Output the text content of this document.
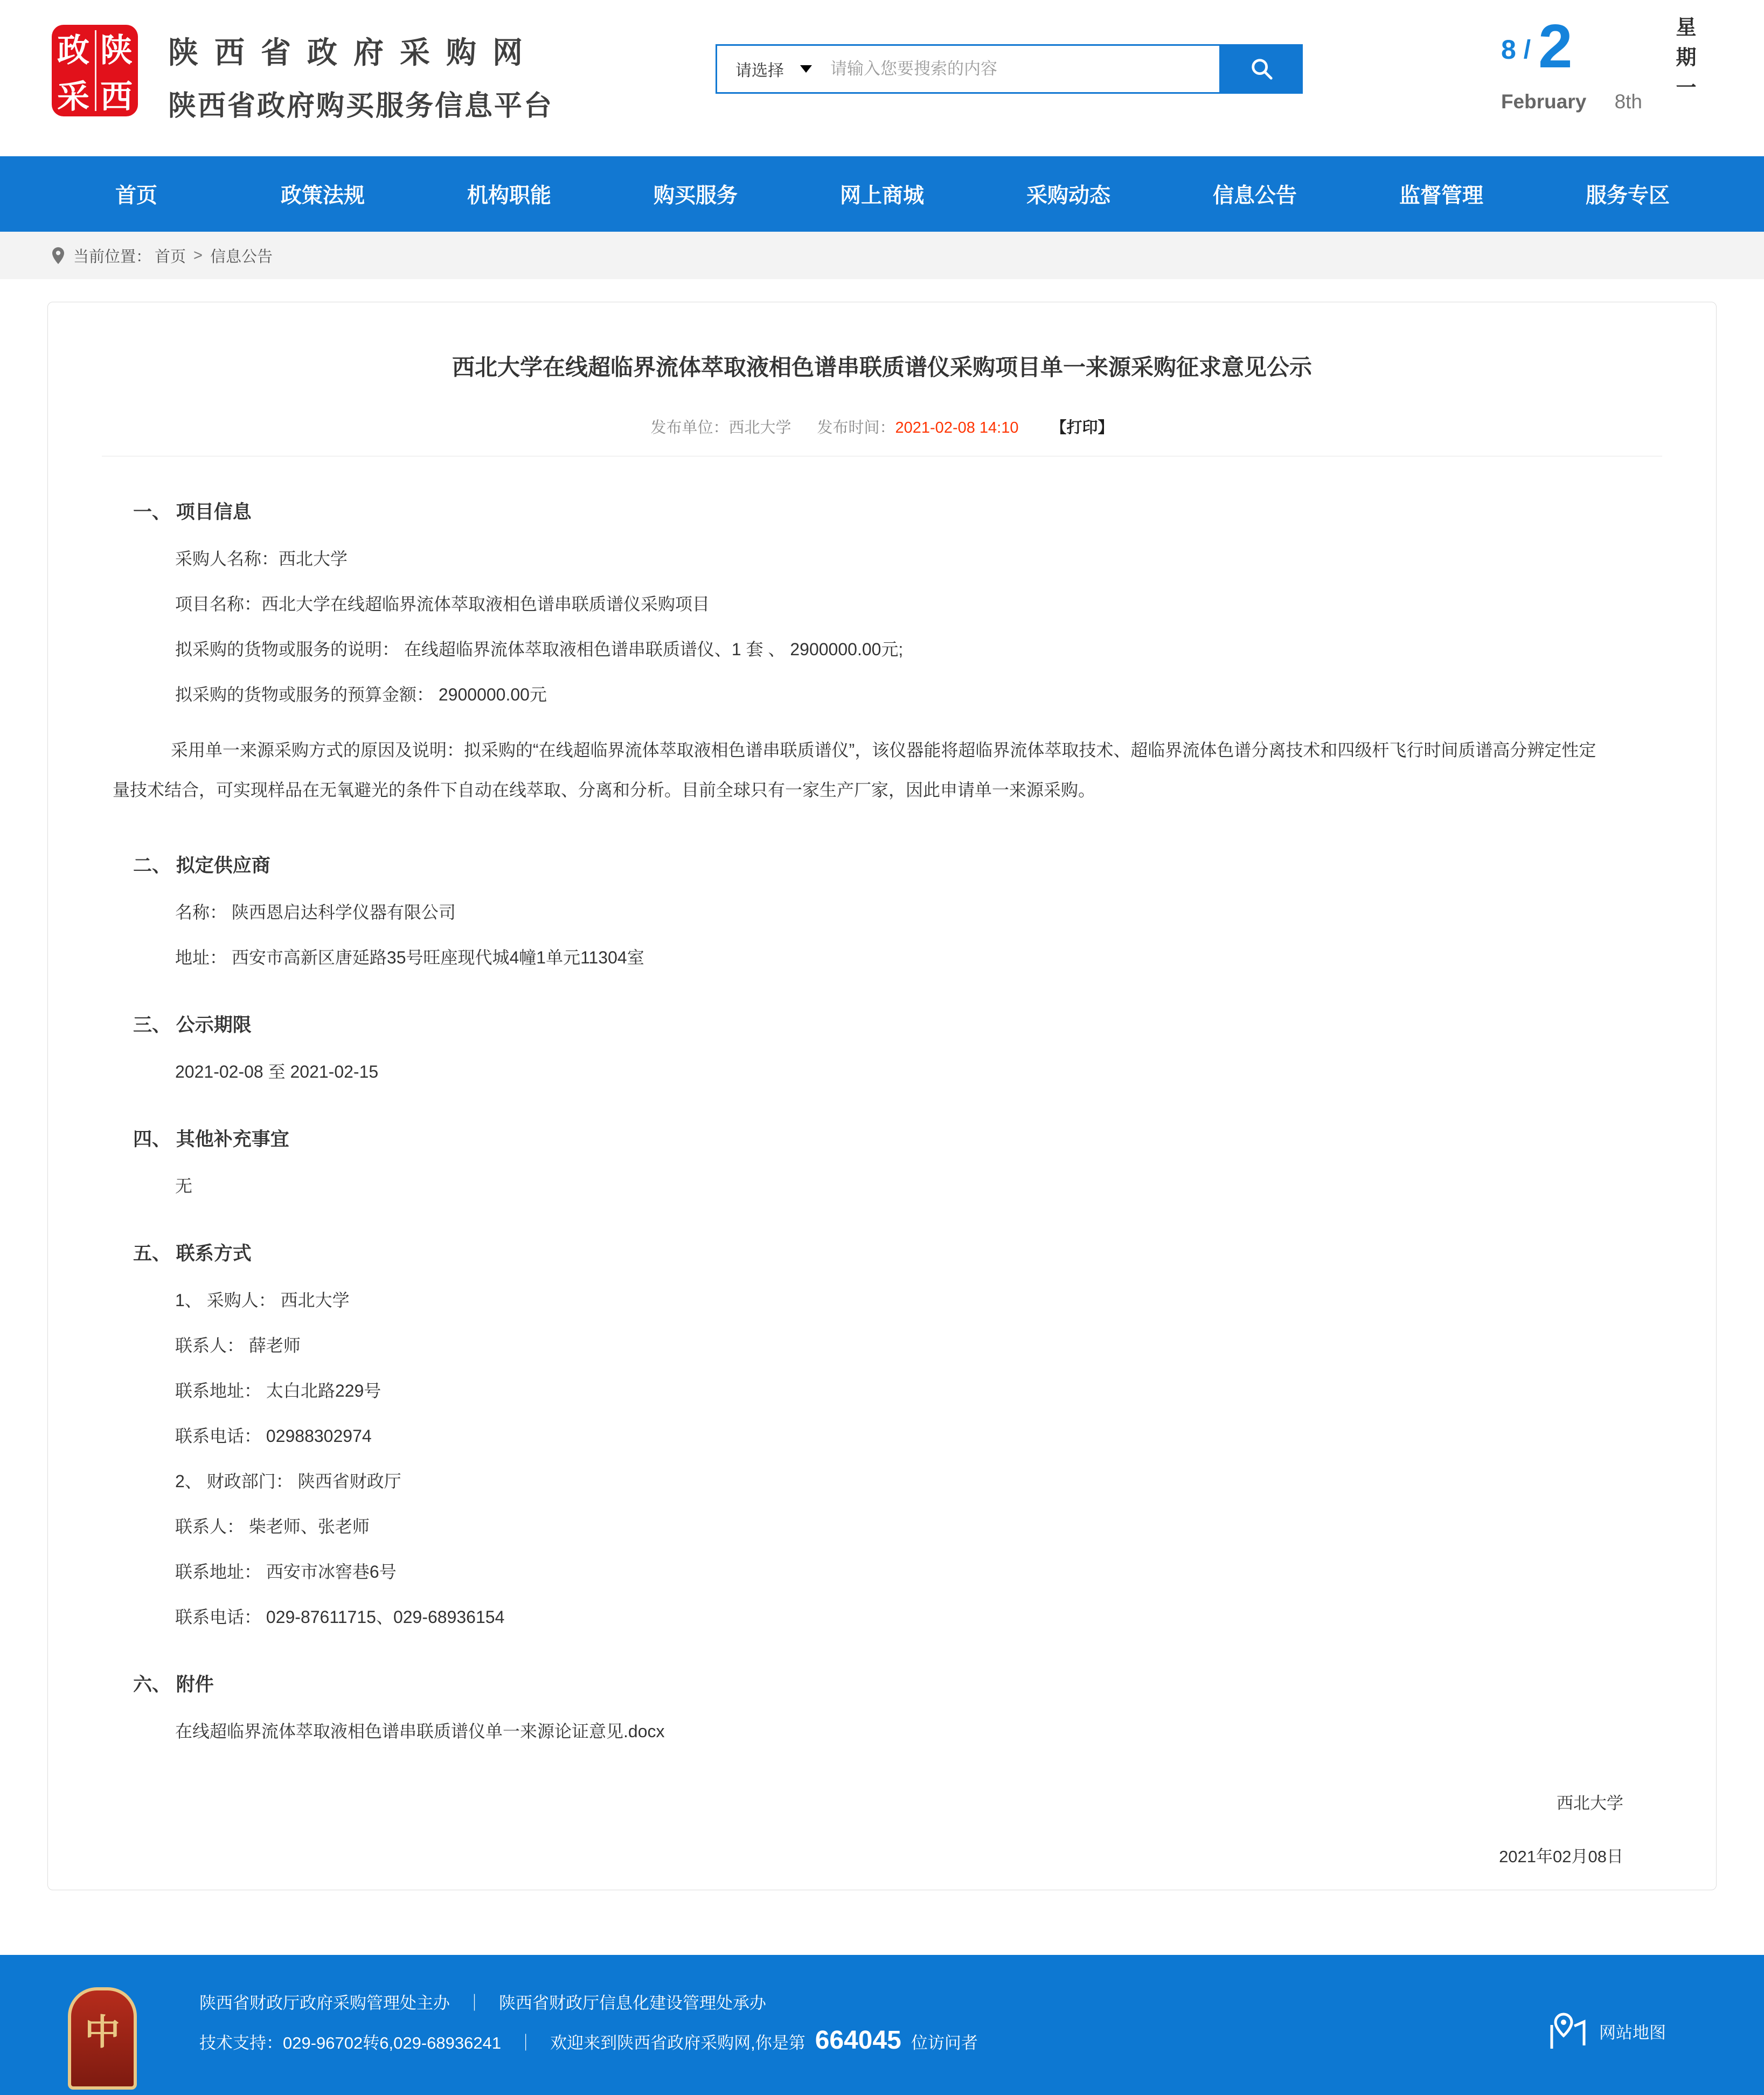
政 陕
采 西
陕西省政府采购网
陕西省政府购买服务信息平台
请选择
请输入您要搜索的内容
8 / 2
February 8th 星期一
首页	政策法规	机构职能	购买服务	网上商城	采购动态	信息公告	监督管理	服务专区
当前位置： 首页 > 信息公告
西北大学在线超临界流体萃取液相色谱串联质谱仪采购项目单一来源采购征求意见公示
发布单位：西北大学 发布时间：2021-02-08 14:10 【打印】
一、 项目信息
采购人名称：西北大学
项目名称：西北大学在线超临界流体萃取液相色谱串联质谱仪采购项目
拟采购的货物或服务的说明： 在线超临界流体萃取液相色谱串联质谱仪、1 套 、 2900000.00元;
拟采购的货物或服务的预算金额： 2900000.00元

采用单一来源采购方式的原因及说明：拟采购的“在线超临界流体萃取液相色谱串联质谱仪”，该仪器能将超临界流体萃取技术、超临界流体色谱分离技术和四级杆飞行时间质谱高分辨定性定量技术结合，可实现样品在无氧避光的条件下自动在线萃取、分离和分析。目前全球只有一家生产厂家，因此申请单一来源采购。

二、 拟定供应商
名称： 陕西恩启达科学仪器有限公司
地址： 西安市高新区唐延路35号旺座现代城4幢1单元11304室
三、 公示期限
2021-02-08 至 2021-02-15
四、 其他补充事宜
无
五、 联系方式
1、 采购人： 西北大学
联系人： 薛老师
联系地址： 太白北路229号
联系电话： 02988302974
2、 财政部门： 陕西省财政厅
联系人： 柴老师、张老师
联系地址： 西安市冰窖巷6号
联系电话： 029-87611715、029-68936154
六、 附件
在线超临界流体萃取液相色谱串联质谱仪单一来源论证意见.docx
西北大学
2021年02月08日
中
陕西省财政厅政府采购管理处主办 ｜ 陕西省财政厅信息化建设管理处承办
技术支持：029-96702转6,029-68936241 ｜ 欢迎来到陕西省政府采购网,你是第 664045 位访问者
网站地图
